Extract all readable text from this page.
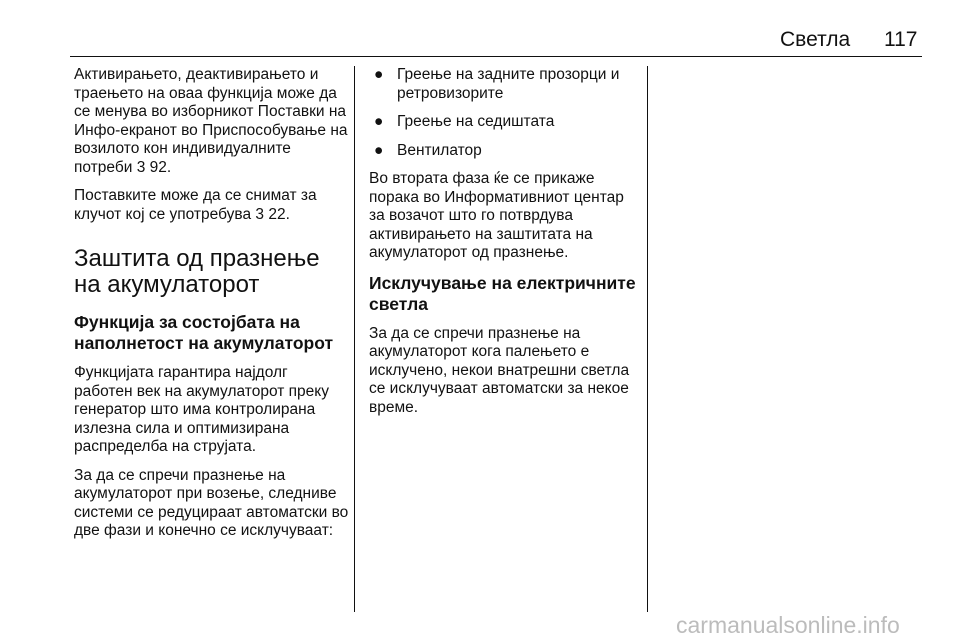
Светла 117

Активирањето, деактивирањето и траењето на оваа функција може да се менува во изборникот Поставки на Инфо-екранот во Приспособување на возилото кон индивидуалните потреби 3 92.

Поставките може да се снимат за клучот кој се употребува 3 22.

Заштита од празнење на акумулаторот
Функција за состојбата на наполнетост на акумулаторот

Функцијата гарантира најдолг работен век на акумулаторот преку генератор што има контролирана излезна сила и оптимизирана распределба на струјата.

За да се спречи празнење на акумулаторот при возење, следниве системи се редуцираат автоматски во две фази и конечно се исклучуваат:

● Греење на задните прозорци и ретровизорите
● Греење на седиштата
● Вентилатор

Во втората фаза ќе се прикаже порака во Информативниот центар за возачот што го потврдува активирањето на заштитата на акумулаторот од празнење.

Исклучување на електричните светла

За да се спречи празнење на акумулаторот кога палењето е исклучено, некои внатрешни светла се исклучуваат автоматски за некое време.

carmanualsonline.info
